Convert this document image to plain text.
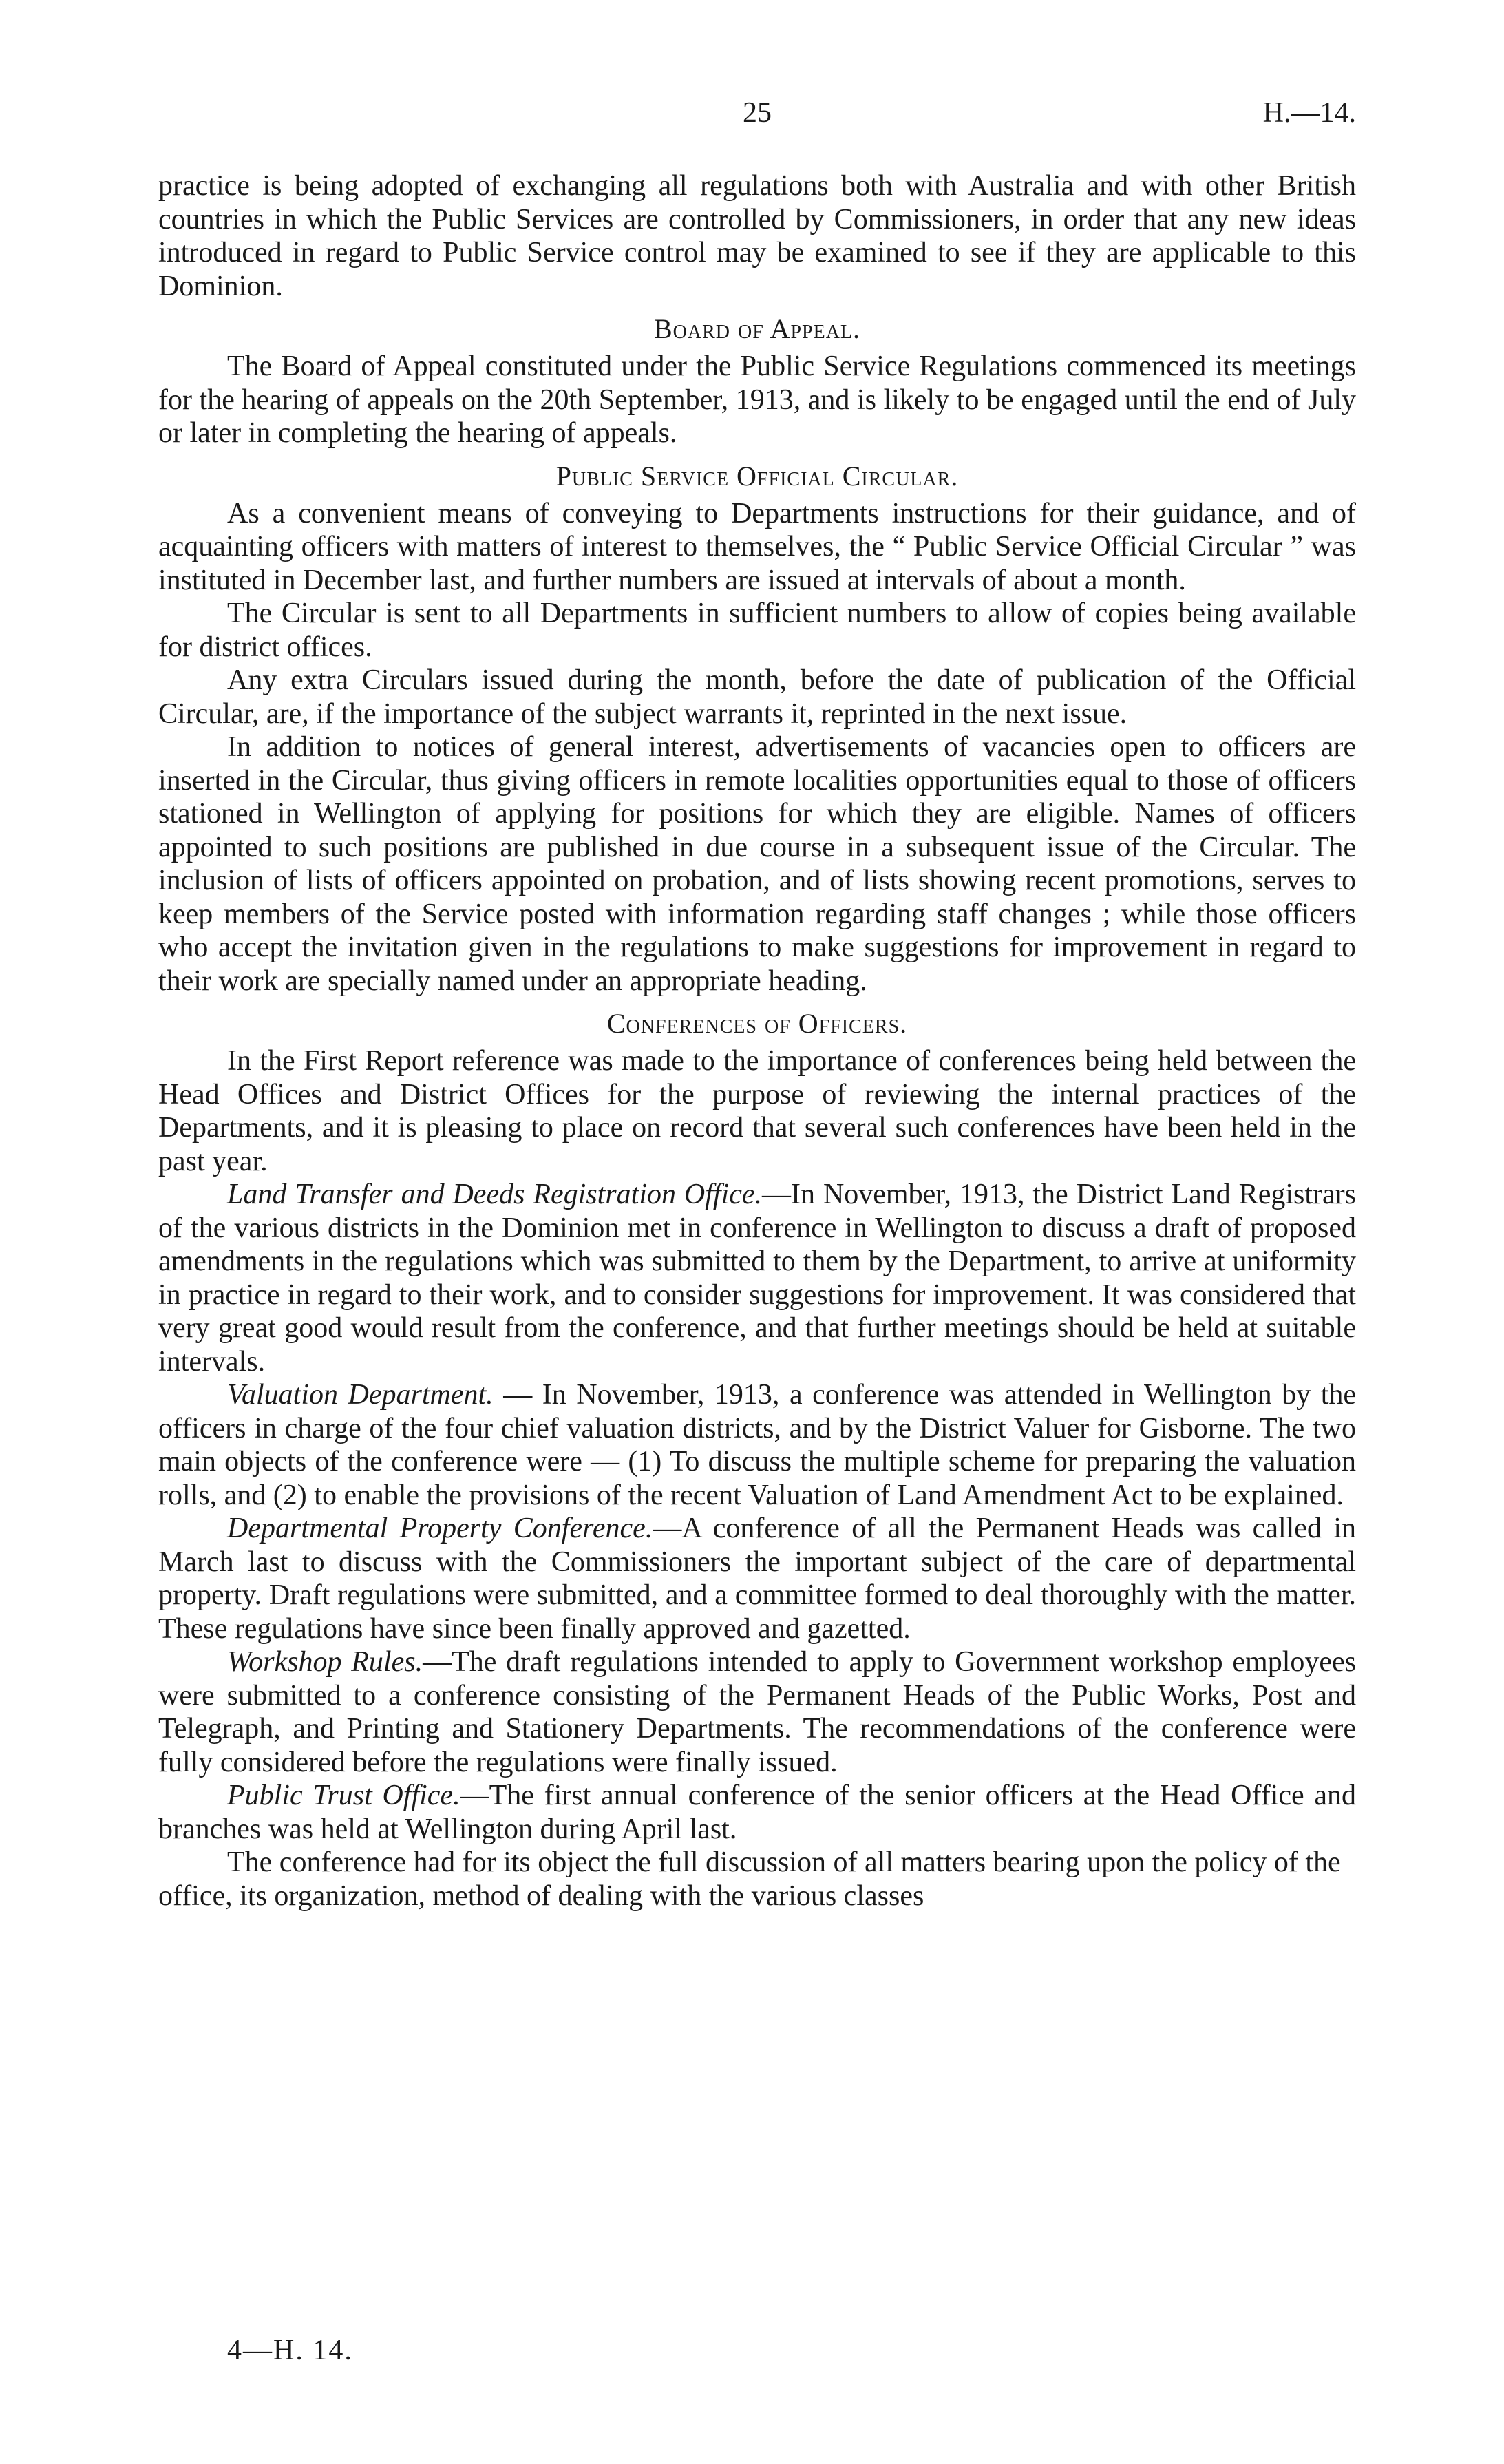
25	H.—14.

practice is being adopted of exchanging all regulations both with Australia and with other British countries in which the Public Services are controlled by Commissioners, in order that any new ideas introduced in regard to Public Service control may be examined to see if they are applicable to this Dominion.

Board of Appeal.

The Board of Appeal constituted under the Public Service Regulations commenced its meetings for the hearing of appeals on the 20th September, 1913, and is likely to be engaged until the end of July or later in completing the hearing of appeals.

Public Service Official Circular.

As a convenient means of conveying to Departments instructions for their guidance, and of acquainting officers with matters of interest to themselves, the “ Public Service Official Circular ” was instituted in December last, and further numbers are issued at intervals of about a month.

The Circular is sent to all Departments in sufficient numbers to allow of copies being available for district offices.

Any extra Circulars issued during the month, before the date of publication of the Official Circular, are, if the importance of the subject warrants it, reprinted in the next issue.

In addition to notices of general interest, advertisements of vacancies open to officers are inserted in the Circular, thus giving officers in remote localities opportunities equal to those of officers stationed in Wellington of applying for positions for which they are eligible. Names of officers appointed to such positions are published in due course in a subsequent issue of the Circular. The inclusion of lists of officers appointed on probation, and of lists showing recent promotions, serves to keep members of the Service posted with information regarding staff changes ; while those officers who accept the invitation given in the regulations to make suggestions for improvement in regard to their work are specially named under an appropriate heading.

Conferences of Officers.

In the First Report reference was made to the importance of conferences being held between the Head Offices and District Offices for the purpose of reviewing the internal practices of the Departments, and it is pleasing to place on record that several such conferences have been held in the past year.

Land Transfer and Deeds Registration Office.—In November, 1913, the District Land Registrars of the various districts in the Dominion met in conference in Wellington to discuss a draft of proposed amendments in the regulations which was submitted to them by the Department, to arrive at uniformity in practice in regard to their work, and to consider suggestions for improvement. It was considered that very great good would result from the conference, and that further meetings should be held at suitable intervals.

Valuation Department. — In November, 1913, a conference was attended in Wellington by the officers in charge of the four chief valuation districts, and by the District Valuer for Gisborne. The two main objects of the conference were — (1) To discuss the multiple scheme for preparing the valuation rolls, and (2) to enable the provisions of the recent Valuation of Land Amendment Act to be explained.

Departmental Property Conference.—A conference of all the Permanent Heads was called in March last to discuss with the Commissioners the important subject of the care of departmental property. Draft regulations were submitted, and a committee formed to deal thoroughly with the matter. These regulations have since been finally approved and gazetted.

Workshop Rules.—The draft regulations intended to apply to Government workshop employees were submitted to a conference consisting of the Permanent Heads of the Public Works, Post and Telegraph, and Printing and Stationery Departments. The recommendations of the conference were fully considered before the regulations were finally issued.

Public Trust Office.—The first annual conference of the senior officers at the Head Office and branches was held at Wellington during April last.

The conference had for its object the full discussion of all matters bearing upon the policy of the office, its organization, method of dealing with the various classes

4—H. 14.
